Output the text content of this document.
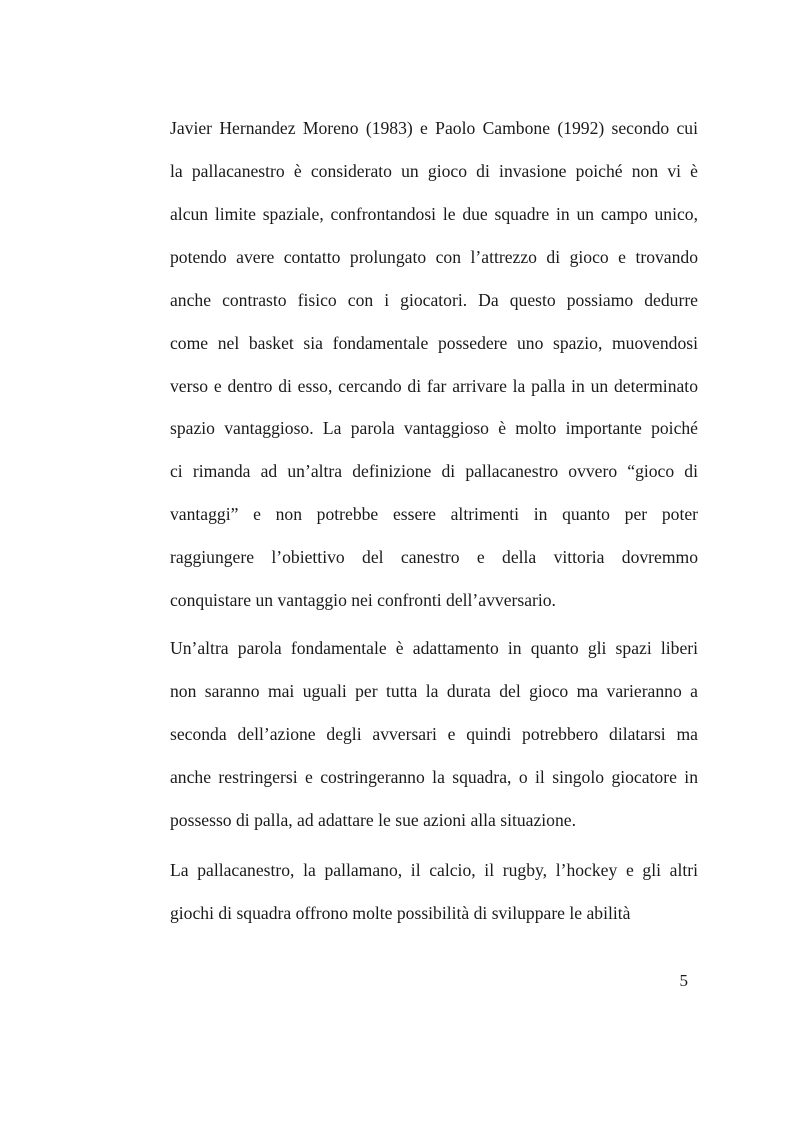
Javier Hernandez Moreno (1983) e Paolo Cambone (1992) secondo cui
la pallacanestro è considerato un gioco di invasione poiché non vi è
alcun limite spaziale, confrontandosi le due squadre in un campo unico,
potendo avere contatto prolungato con l’attrezzo di gioco e trovando
anche contrasto fisico con i giocatori. Da questo possiamo dedurre
come nel basket sia fondamentale possedere uno spazio, muovendosi
verso e dentro di esso, cercando di far arrivare la palla in un determinato
spazio vantaggioso. La parola vantaggioso è molto importante poiché
ci rimanda ad un’altra definizione di pallacanestro ovvero “gioco di
vantaggi” e non potrebbe essere altrimenti in quanto per poter
raggiungere l’obiettivo del canestro e della vittoria dovremmo
conquistare un vantaggio nei confronti dell’avversario.
Un’altra parola fondamentale è adattamento in quanto gli spazi liberi
non saranno mai uguali per tutta la durata del gioco ma varieranno a
seconda dell’azione degli avversari e quindi potrebbero dilatarsi ma
anche restringersi e costringeranno la squadra, o il singolo giocatore in
possesso di palla, ad adattare le sue azioni alla situazione.
La pallacanestro, la pallamano, il calcio, il rugby, l’hockey e gli altri
giochi di squadra offrono molte possibilità di sviluppare le abilità
5
